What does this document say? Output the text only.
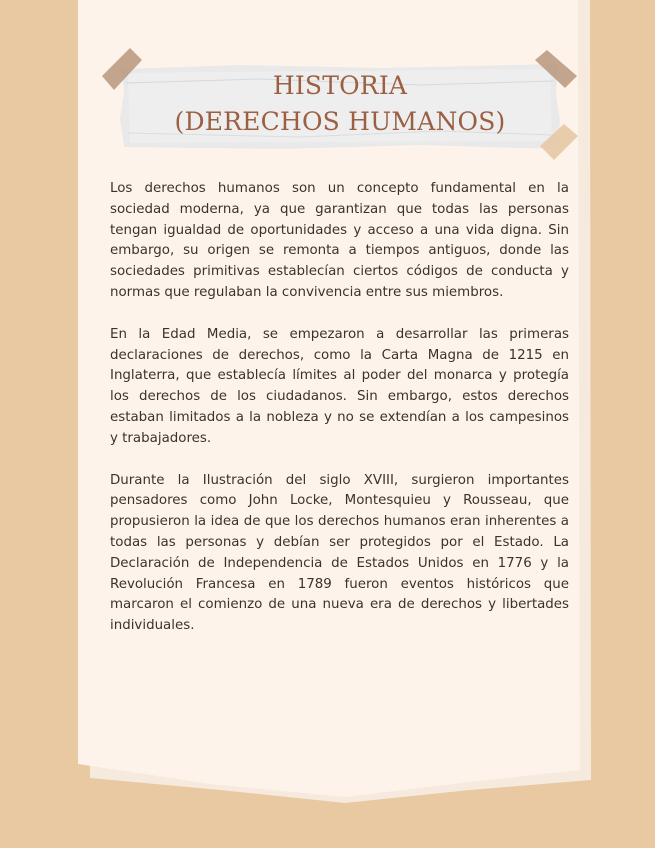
HISTORIA
(DERECHOS HUMANOS)

Los derechos humanos son un concepto fundamental en la sociedad moderna, ya que garantizan que todas las personas tengan igualdad de oportunidades y acceso a una vida digna. Sin embargo, su origen se remonta a tiempos antiguos, donde las sociedades primitivas establecían ciertos códigos de conducta y normas que regulaban la convivencia entre sus miembros.

En la Edad Media, se empezaron a desarrollar las primeras declaraciones de derechos, como la Carta Magna de 1215 en Inglaterra, que establecía límites al poder del monarca y protegía los derechos de los ciudadanos. Sin embargo, estos derechos estaban limitados a la nobleza y no se extendían a los campesinos y trabajadores.

Durante la Ilustración del siglo XVIII, surgieron importantes pensadores como John Locke, Montesquieu y Rousseau, que propusieron la idea de que los derechos humanos eran inherentes a todas las personas y debían ser protegidos por el Estado. La Declaración de Independencia de Estados Unidos en 1776 y la Revolución Francesa en 1789 fueron eventos históricos que marcaron el comienzo de una nueva era de derechos y libertades individuales.
